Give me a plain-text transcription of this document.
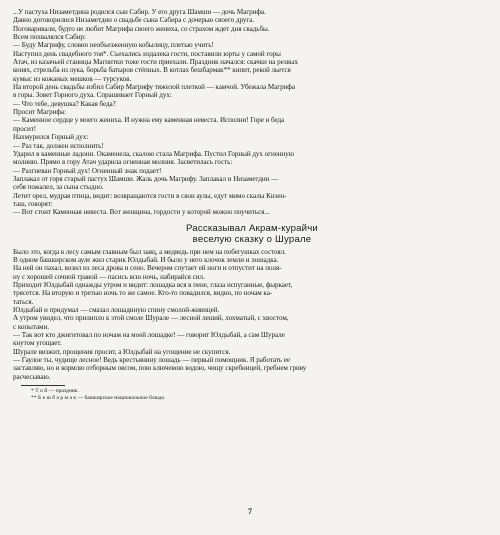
...У пастуха Низаметдина родился сын Сабир. У его друга Шамши — дочь Магрифа.

Давно договорилися Низаметдин о свадьбе сына Сабира с дочерью своего друга.

Поговаривали, будто не любит Магрифа своего жениха, со страхом ждет дня свадьбы.

Всем похвалялся Сабир:

— Буду Магрифу, словно необъезженную кобылицу, плетью учить!

Наступил день свадебного тоя*. Съехались издалека гости, поставили юрты у самой горы

Атач, из казачьей станицы Магнитки тоже гости приехали. Праздник начался: скачки на резвых

конях, стрельба из лука, борьба батыров стёпных. В котлах бешбармак** кипит, рекой льется

кумыс из кожаных мешков — турсуков.

На второй день свадьбы избил Сабир Магрифу тяжелой плеткой — камчой. Убежала Магрифа

в горы. Зовет Горного духа. Спрашивает Горный дух:

— Что тебе, девушка? Какая беда?

Просит Магрифа:

— Каменное сердце у моего жениха. И нужна ему каменная невеста. Исполни! Горе и беда

просит!

Нахмурился Горный дух:

— Раз так, должен исполнить!

Ударил в каменные ладони. Окаменела, скалою стала Магрифа. Пустил Горный дух огненную

молнию. Прямо в гору Атач ударила огненная молния. Засветилась гость:

— Разгневан Горный дух! Огненный знак подает!

Заплакал от горя старый пастух Шамши. Жаль дочь Магрифу. Заплакал и Низаметдин —

себя пожалел, за сына стыдно.

Летит орел, мудрая птица, видит: возвращаются гости в свои аулы, едут мимо скалы Кизен-

таш, говорят:

— Вот стоит Каменная невеста. Вот женщина, гордости у которой можно поучиться...

Рассказывал Акрам-курайчи

веселую сказку о Шурале

Было это, когда в лесу самым главным был заяц, а медведь при нем на побегушках состоял.

В одном башкирском ауле жил старик Юлдыбай. И было у него клочок земли и лошадка.

На ней он пахал, возил из леса дрова и сено. Вечером спутает ей ноги и отпустит на поля-

ну с хорошей сочной травой — пасись всю ночь, набирайся сил.

Приходит Юлдыбай однажды утром и видит: лошадка вся в пене, глаза испуганные, фыркает,

трясется. На вторую и третью ночь то же самое. Кто-то повадился, видно, по ночам ка-

таться.

Юлдыбай и придумал — смазал лошадиную спину смолой-живицей.

А утром увидел, что прилипло к этой смоле Шурале — лесной леший, лохматый, с хвостом,

с копытами.

— Так вот кто джигитовал по ночам на моей лошадке! — говорит Юлдыбай, а сам Шурале

кнутом угощает.

Шурале визжит, прощения просит, а Юлдыбай на угощение не скупится.

— Гаулое ты, чудище лесное! Ведь крестьянину лошадь — первый помощник. Я работать ее

заставляю, но и кормлю отборным овсом, пою ключевою водою, чищу скребницей, гребнем гриву

расчесываю.

* Т о й — праздник.

** Б е ш б а р м а к — башкирское национальное блюдо.

7
